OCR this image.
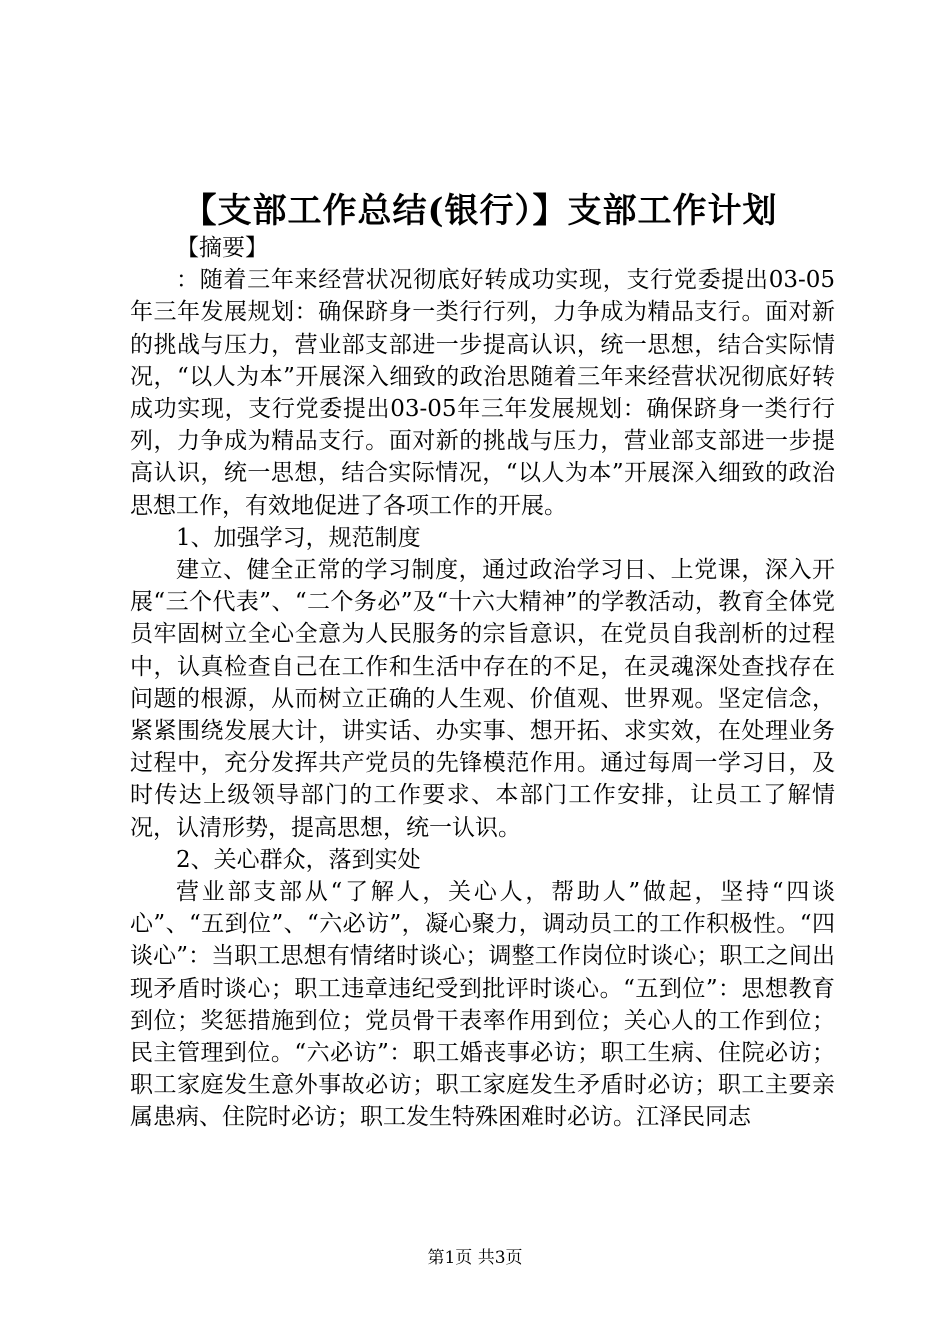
【支部工作总结(银行）】支部工作计划

【摘要】

：随着三年来经营状况彻底好转成功实现，支行党委提出03-05年三年发展规划：确保跻身一类行行列，力争成为精品支行。面对新的挑战与压力，营业部支部进一步提高认识，统一思想，结合实际情况，“以人为本”开展深入细致的政治思随着三年来经营状况彻底好转成功实现，支行党委提出03-05年三年发展规划：确保跻身一类行行列，力争成为精品支行。面对新的挑战与压力，营业部支部进一步提高认识，统一思想，结合实际情况，“以人为本”开展深入细致的政治思想工作，有效地促进了各项工作的开展。

1、加强学习，规范制度

建立、健全正常的学习制度，通过政治学习日、上党课，深入开展“三个代表”、“二个务必”及“十六大精神”的学教活动，教育全体党员牢固树立全心全意为人民服务的宗旨意识，在党员自我剖析的过程中，认真检查自己在工作和生活中存在的不足，在灵魂深处查找存在问题的根源，从而树立正确的人生观、价值观、世界观。坚定信念，紧紧围绕发展大计，讲实话、办实事、想开拓、求实效，在处理业务过程中，充分发挥共产党员的先锋模范作用。通过每周一学习日，及时传达上级领导部门的工作要求、本部门工作安排，让员工了解情况，认清形势，提高思想，统一认识。

2、关心群众，落到实处

营业部支部从“了解人，关心人，帮助人”做起，坚持“四谈心”、“五到位”、“六必访”，凝心聚力，调动员工的工作积极性。“四谈心”：当职工思想有情绪时谈心；调整工作岗位时谈心；职工之间出现矛盾时谈心；职工违章违纪受到批评时谈心。“五到位”：思想教育到位；奖惩措施到位；党员骨干表率作用到位；关心人的工作到位；民主管理到位。“六必访”：职工婚丧事必访；职工生病、住院必访；职工家庭发生意外事故必访；职工家庭发生矛盾时必访；职工主要亲属患病、住院时必访；职工发生特殊困难时必访。江泽民同志

第1页 共3页
